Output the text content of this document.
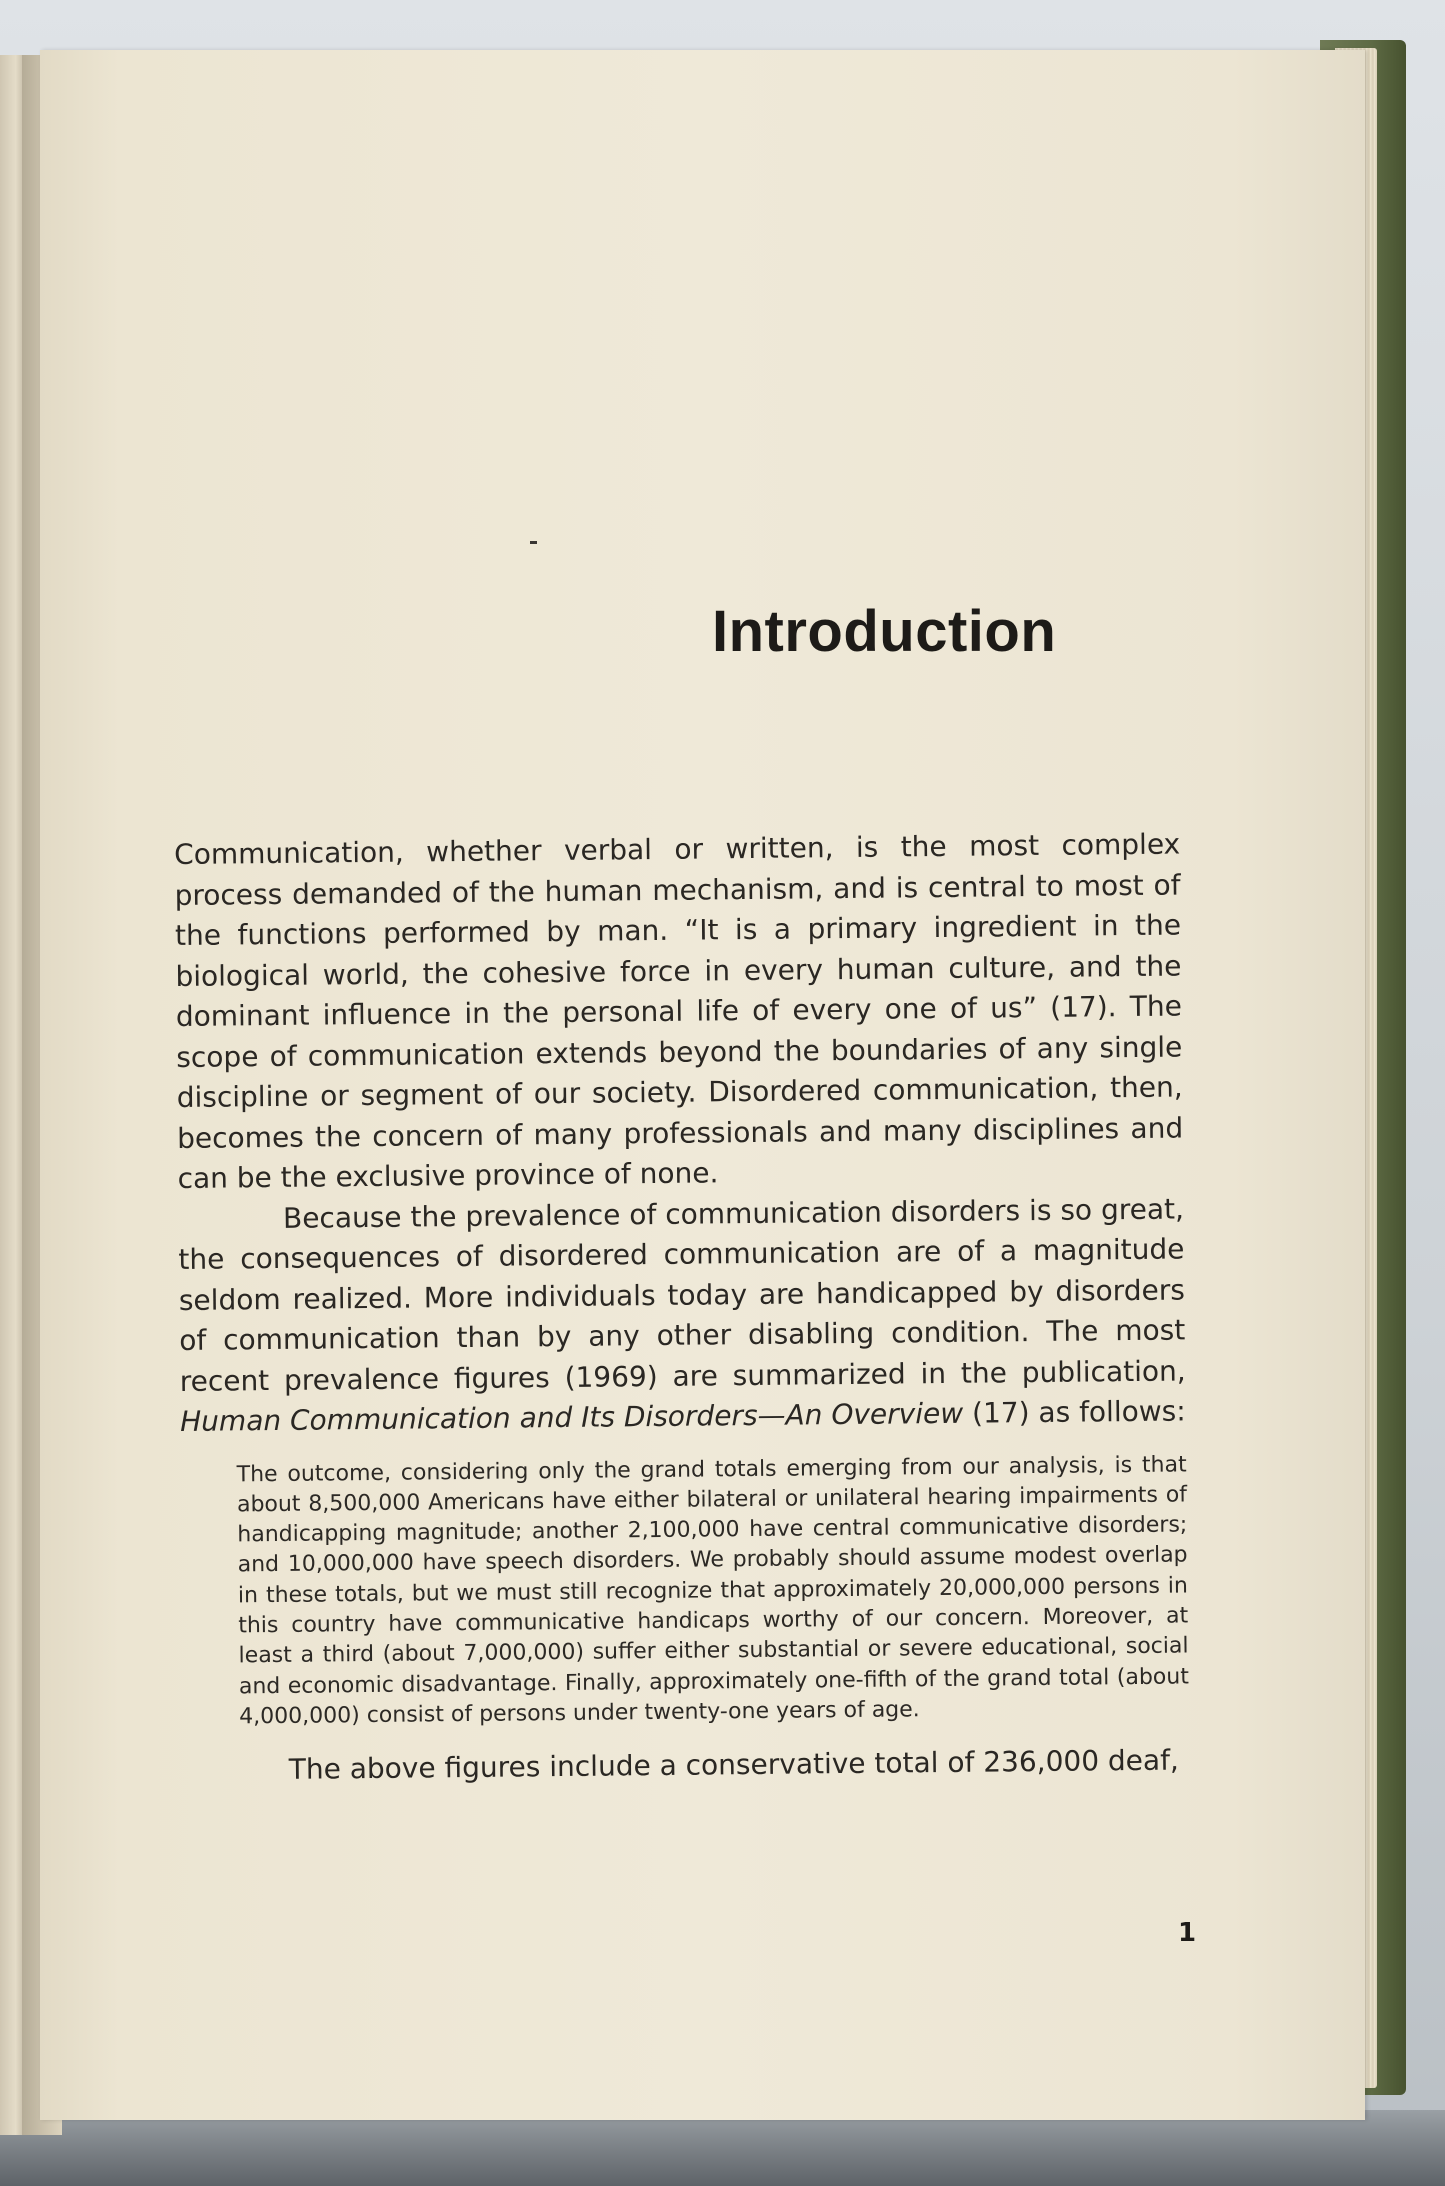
Introduction

Communication, whether verbal or written, is the most complex process demanded of the human mechanism, and is central to most of the functions performed by man. “It is a primary ingredient in the biological world, the cohesive force in every human culture, and the dominant influence in the personal life of every one of us” (17). The scope of communication extends beyond the boundaries of any single discipline or segment of our society. Disordered communication, then, becomes the concern of many professionals and many disciplines and can be the exclusive province of none.

Because the prevalence of communication disorders is so great, the consequences of disordered communication are of a magnitude seldom realized. More individuals today are handicapped by disorders of communication than by any other disabling condition. The most recent prevalence figures (1969) are summarized in the publication, Human Communication and Its Disorders—An Overview (17) as follows:

The outcome, considering only the grand totals emerging from our analysis, is that about 8,500,000 Americans have either bilateral or unilateral hearing impairments of handicapping magnitude; another 2,100,000 have central communicative disorders; and 10,000,000 have speech disorders. We probably should assume modest overlap in these totals, but we must still recognize that approximately 20,000,000 persons in this country have communicative handicaps worthy of our concern. Moreover, at least a third (about 7,000,000) suffer either substantial or severe educational, social and economic disadvantage. Finally, approximately one-fifth of the grand total (about 4,000,000) consist of persons under twenty-one years of age.

The above figures include a conservative total of 236,000 deaf,

1
